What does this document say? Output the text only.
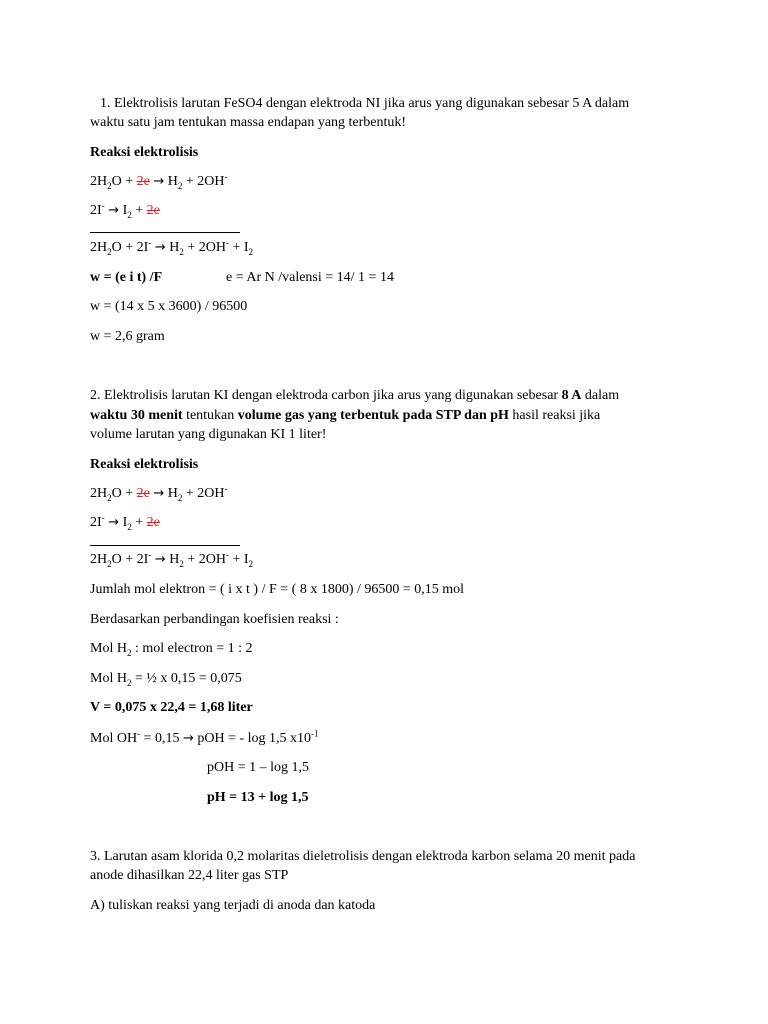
1. Elektrolisis larutan FeSO4 dengan elektroda NI jika arus yang digunakan sebesar 5 A dalam
waktu satu jam tentukan massa endapan yang terbentuk!
Reaksi elektrolisis
$2H_2O + 2e \to H_2 + 2OH^-$
$2I^- \to I_2 + 2e$
$2H_2O + 2I^- \to H_2 + 2OH^- + I_2$
w = (e i t) /F	e = Ar N /valensi = 14/ 1 = 14
w = (14 x 5 x 3600) / 96500
w = 2,6 gram
2. Elektrolisis larutan KI dengan elektroda carbon jika arus yang digunakan sebesar 8 A dalam
waktu 30 menit tentukan volume gas yang terbentuk pada STP dan pH hasil reaksi jika
volume larutan yang digunakan KI 1 liter!
Reaksi elektrolisis
$2H_2O + 2e \to H_2 + 2OH^-$
$2I^- \to I_2 + 2e$
$2H_2O + 2I^- \to H_2 + 2OH^- + I_2$
Jumlah mol elektron = ( i x t ) / F = ( 8 x 1800) / 96500 = 0,15 mol
Berdasarkan perbandingan koefisien reaksi :
Mol $H_2$ : mol electron = 1 : 2
Mol $H_2$ = ½ x 0,15 = 0,075
V = 0,075 x 22,4 = 1,68 liter
Mol OH- = 0,15 → pOH = - log 1,5 $x10^{-1}$
pOH = 1 – log 1,5
pH = 13 + log 1,5
3. Larutan asam klorida 0,2 molaritas dieletrolisis dengan elektroda karbon selama 20 menit pada
anode dihasilkan 22,4 liter gas STP
A) tuliskan reaksi yang terjadi di anoda dan katoda
